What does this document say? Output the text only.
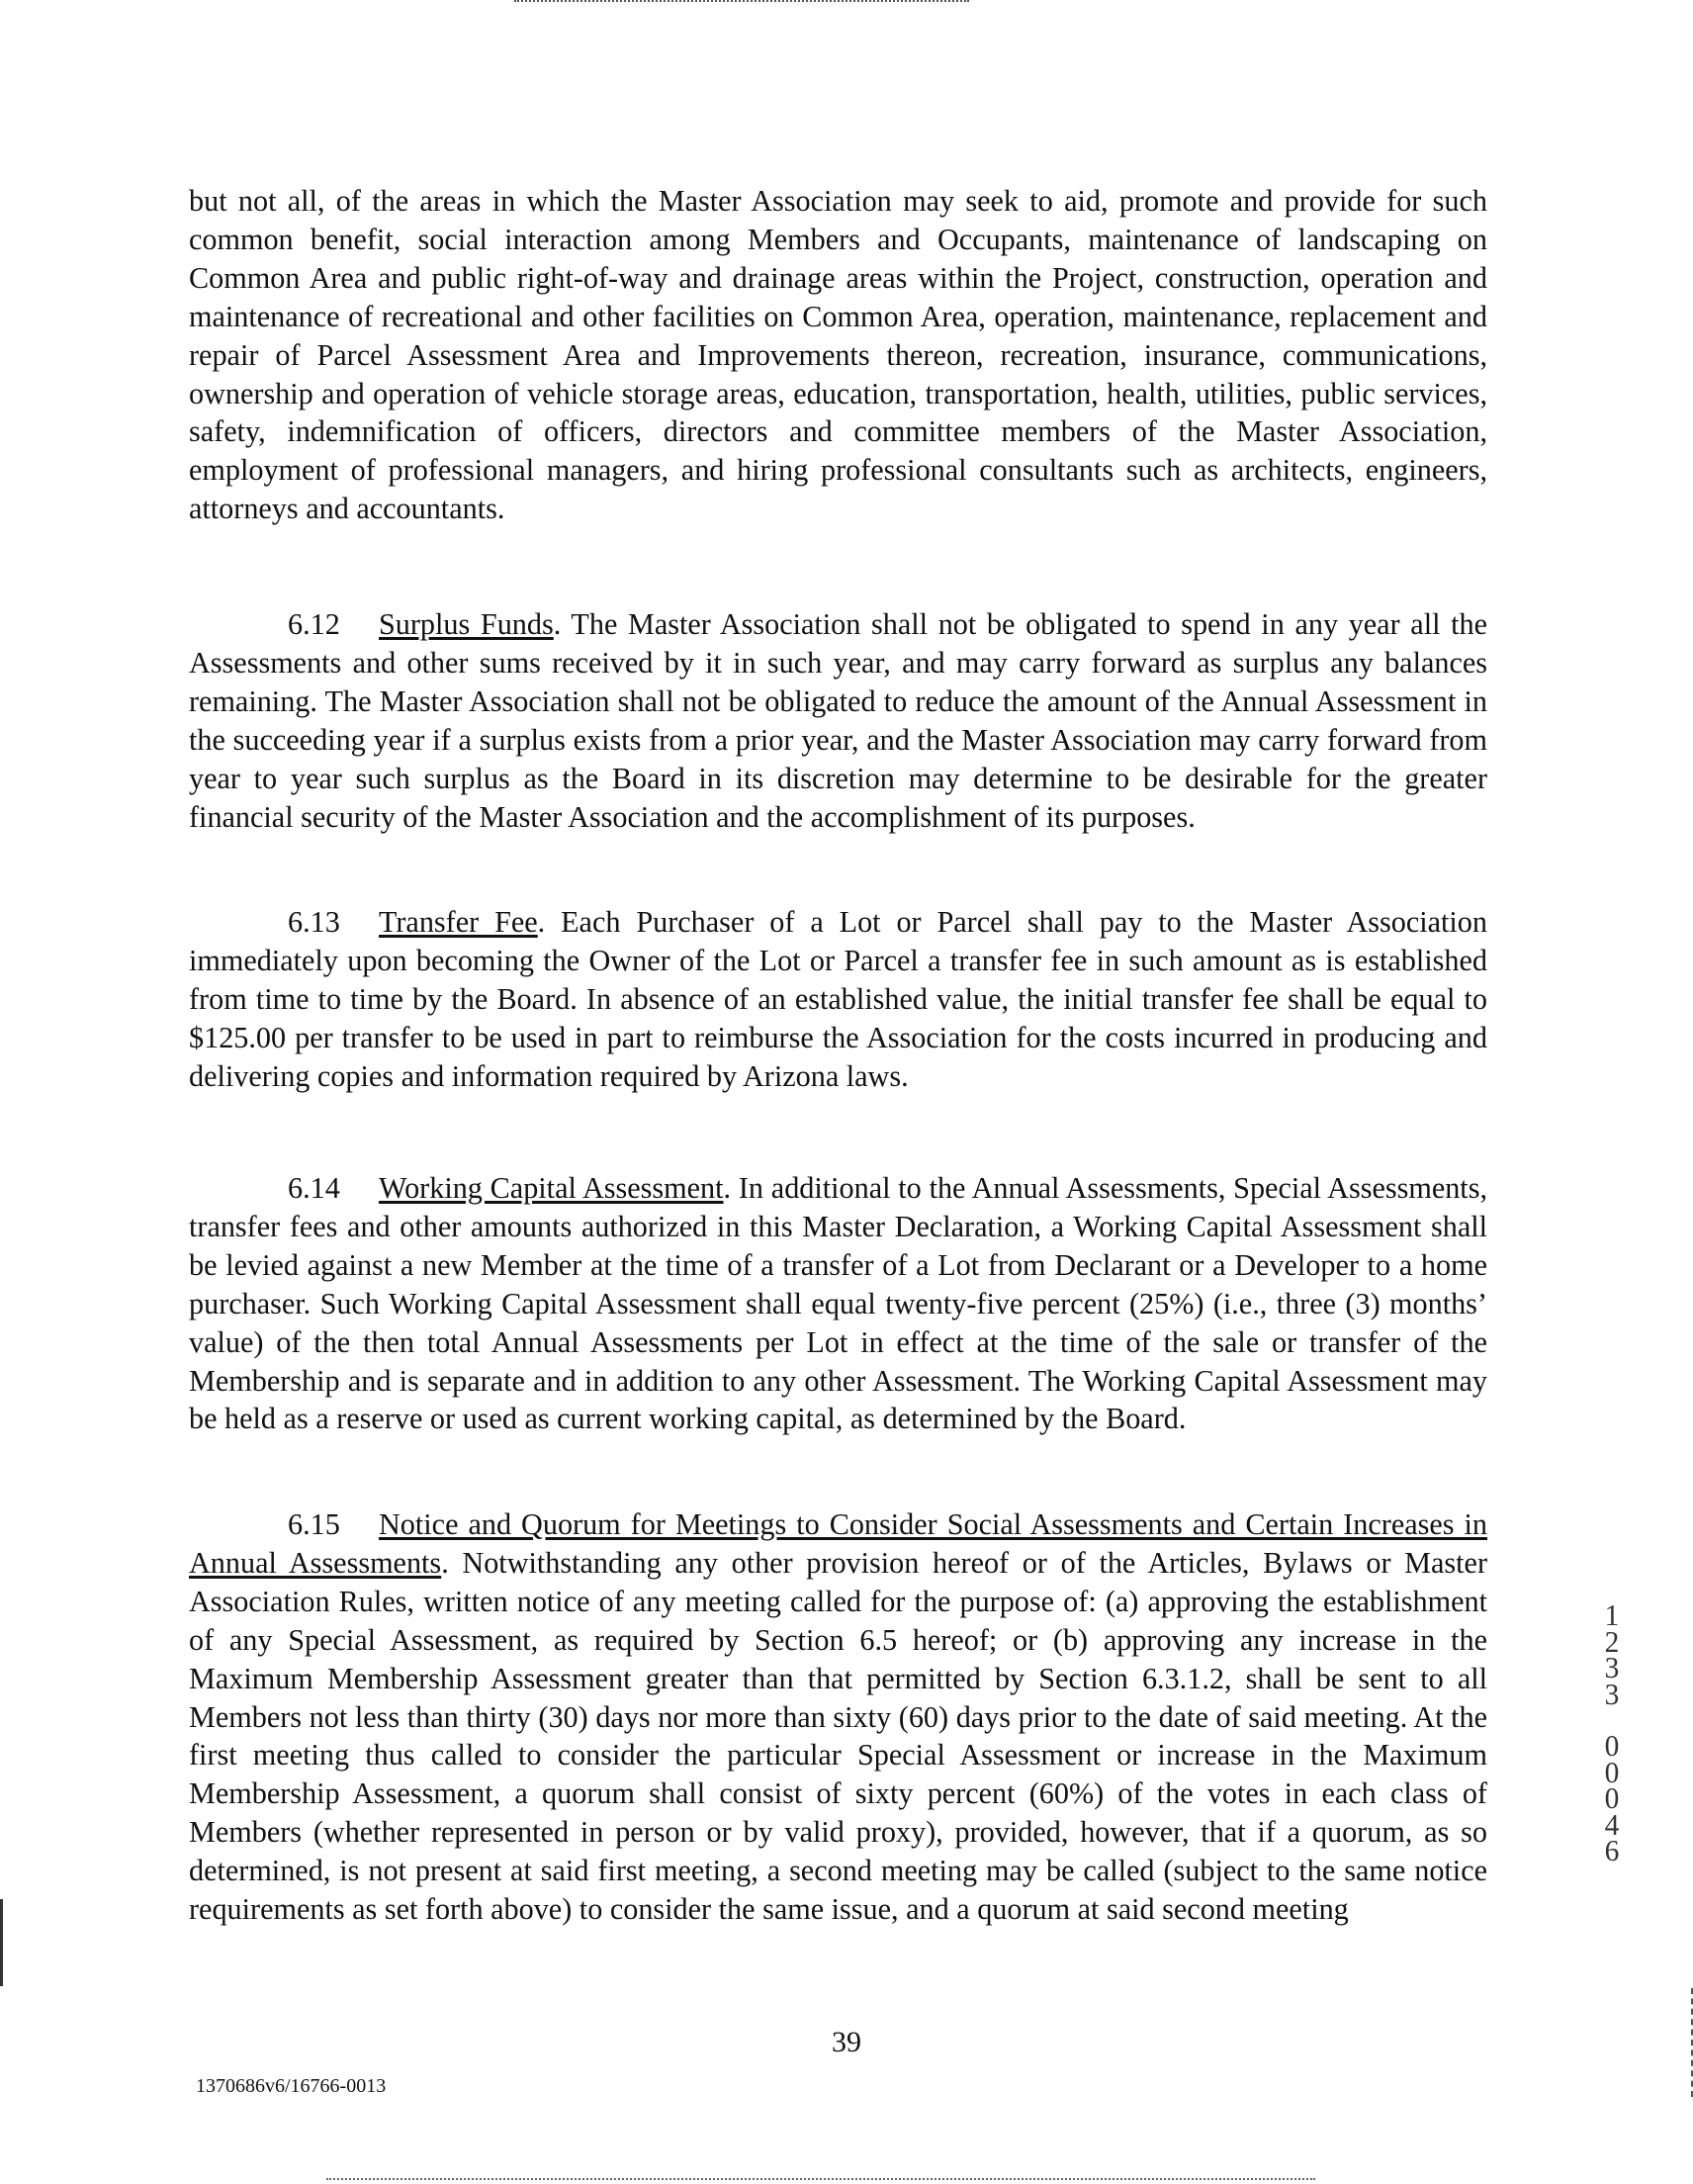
but not all, of the areas in which the Master Association may seek to aid, promote and provide for such common benefit, social interaction among Members and Occupants, maintenance of landscaping on Common Area and public right-of-way and drainage areas within the Project, construction, operation and maintenance of recreational and other facilities on Common Area, operation, maintenance, replacement and repair of Parcel Assessment Area and Improvements thereon, recreation, insurance, communications, ownership and operation of vehicle storage areas, education, transportation, health, utilities, public services, safety, indemnification of officers, directors and committee members of the Master Association, employment of professional managers, and hiring professional consultants such as architects, engineers, attorneys and accountants.

6.12 Surplus Funds. The Master Association shall not be obligated to spend in any year all the Assessments and other sums received by it in such year, and may carry forward as surplus any balances remaining. The Master Association shall not be obligated to reduce the amount of the Annual Assessment in the succeeding year if a surplus exists from a prior year, and the Master Association may carry forward from year to year such surplus as the Board in its discretion may determine to be desirable for the greater financial security of the Master Association and the accomplishment of its purposes.

6.13 Transfer Fee. Each Purchaser of a Lot or Parcel shall pay to the Master Association immediately upon becoming the Owner of the Lot or Parcel a transfer fee in such amount as is established from time to time by the Board. In absence of an established value, the initial transfer fee shall be equal to $125.00 per transfer to be used in part to reimburse the Association for the costs incurred in producing and delivering copies and information required by Arizona laws.

6.14 Working Capital Assessment. In additional to the Annual Assessments, Special Assessments, transfer fees and other amounts authorized in this Master Declaration, a Working Capital Assessment shall be levied against a new Member at the time of a transfer of a Lot from Declarant or a Developer to a home purchaser. Such Working Capital Assessment shall equal twenty-five percent (25%) (i.e., three (3) months’ value) of the then total Annual Assessments per Lot in effect at the time of the sale or transfer of the Membership and is separate and in addition to any other Assessment. The Working Capital Assessment may be held as a reserve or used as current working capital, as determined by the Board.

6.15 Notice and Quorum for Meetings to Consider Social Assessments and Certain Increases in Annual Assessments. Notwithstanding any other provision hereof or of the Articles, Bylaws or Master Association Rules, written notice of any meeting called for the purpose of: (a) approving the establishment of any Special Assessment, as required by Section 6.5 hereof; or (b) approving any increase in the Maximum Membership Assessment greater than that permitted by Section 6.3.1.2, shall be sent to all Members not less than thirty (30) days nor more than sixty (60) days prior to the date of said meeting. At the first meeting thus called to consider the particular Special Assessment or increase in the Maximum Membership Assessment, a quorum shall consist of sixty percent (60%) of the votes in each class of Members (whether represented in person or by valid proxy), provided, however, that if a quorum, as so determined, is not present at said first meeting, a second meeting may be called (subject to the same notice requirements as set forth above) to consider the same issue, and a quorum at said second meeting

1
2
3
3
0
0
0
4
6
39
1370686v6/16766-0013
